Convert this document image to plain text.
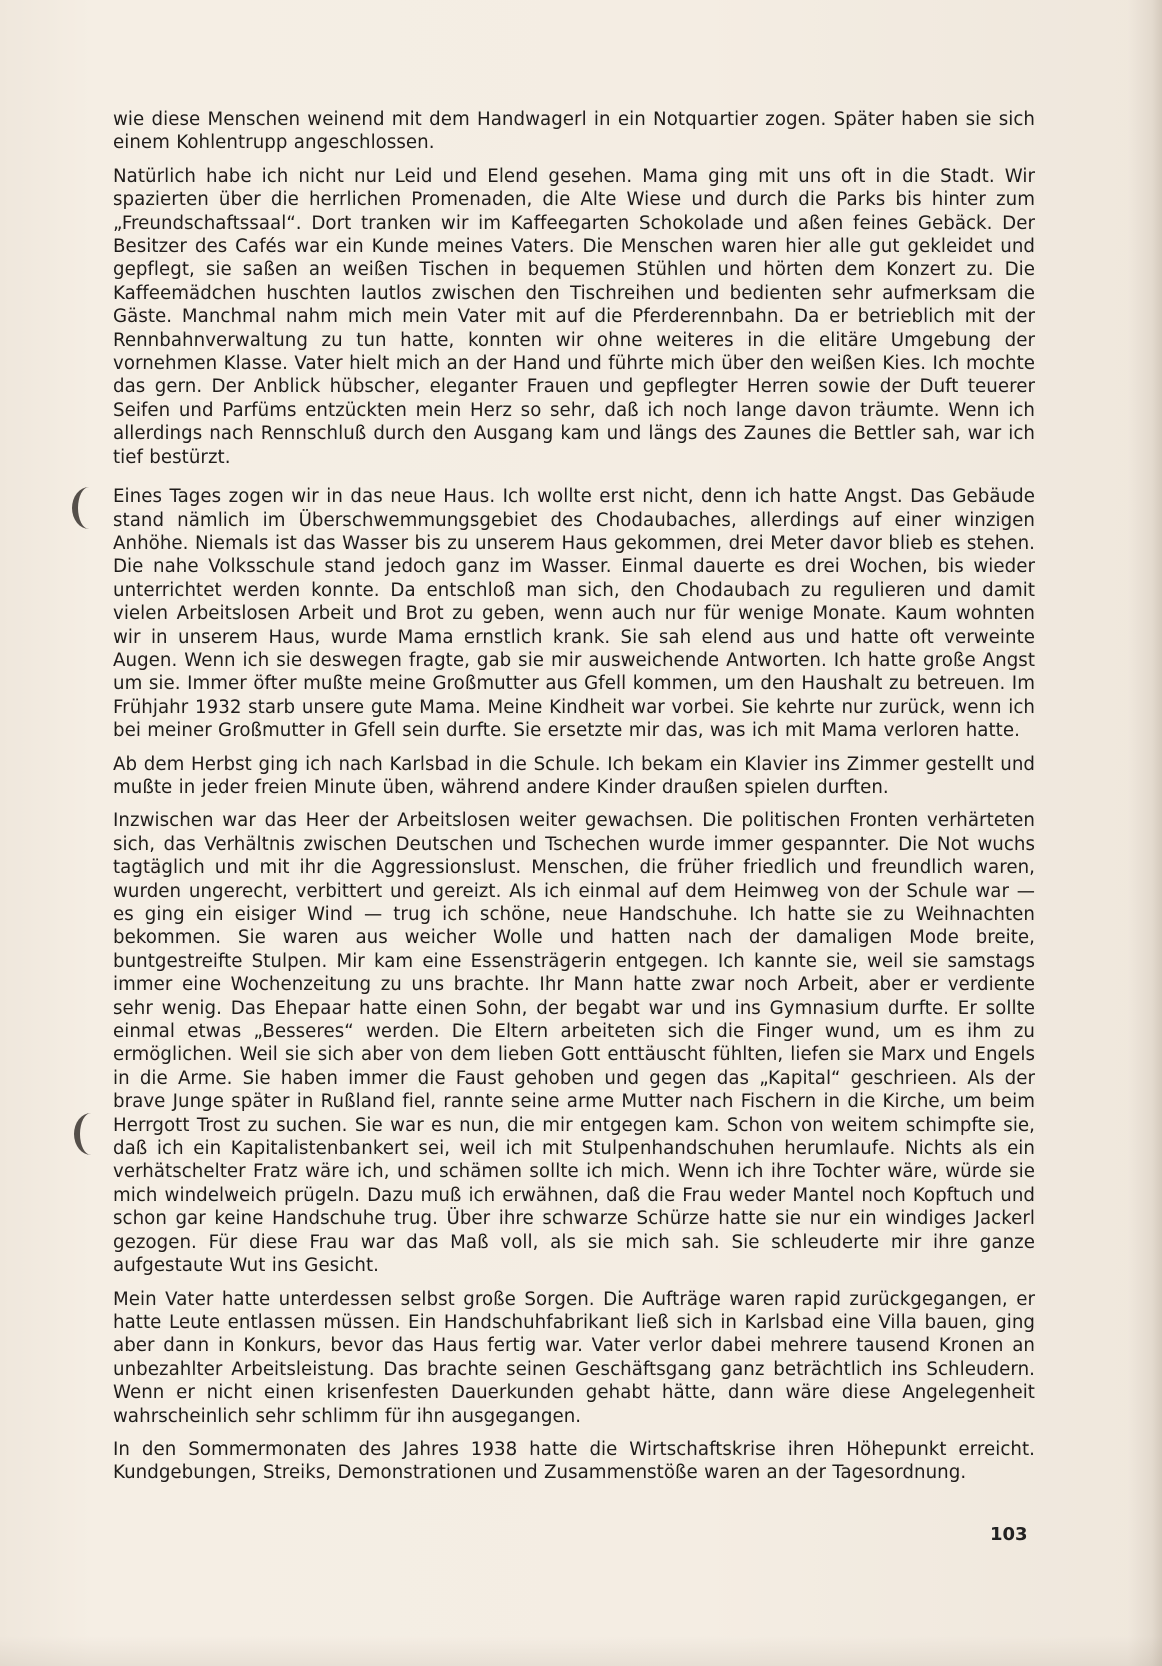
wie diese Menschen weinend mit dem Handwagerl in ein Notquartier zogen. Später haben sie sich einem Kohlentrupp angeschlossen.

Natürlich habe ich nicht nur Leid und Elend gesehen. Mama ging mit uns oft in die Stadt. Wir spazierten über die herrlichen Promenaden, die Alte Wiese und durch die Parks bis hinter zum „Freundschaftssaal“. Dort tranken wir im Kaffeegarten Schokolade und aßen feines Gebäck. Der Besitzer des Cafés war ein Kunde meines Vaters. Die Menschen waren hier alle gut gekleidet und gepflegt, sie saßen an weißen Tischen in bequemen Stühlen und hörten dem Konzert zu. Die Kaffeemädchen huschten lautlos zwischen den Tischreihen und bedienten sehr aufmerksam die Gäste. Manchmal nahm mich mein Vater mit auf die Pferderennbahn. Da er betrieblich mit der Rennbahnverwaltung zu tun hatte, konnten wir ohne weiteres in die elitäre Umgebung der vornehmen Klasse. Vater hielt mich an der Hand und führte mich über den weißen Kies. Ich mochte das gern. Der Anblick hübscher, eleganter Frauen und gepflegter Herren sowie der Duft teuerer Seifen und Parfüms entzückten mein Herz so sehr, daß ich noch lange davon träumte. Wenn ich allerdings nach Rennschluß durch den Ausgang kam und längs des Zaunes die Bettler sah, war ich tief bestürzt.

Eines Tages zogen wir in das neue Haus. Ich wollte erst nicht, denn ich hatte Angst. Das Gebäude stand nämlich im Überschwemmungsgebiet des Chodaubaches, allerdings auf einer winzigen Anhöhe. Niemals ist das Wasser bis zu unserem Haus gekommen, drei Meter davor blieb es stehen. Die nahe Volksschule stand jedoch ganz im Wasser. Einmal dauerte es drei Wochen, bis wieder unterrichtet werden konnte. Da entschloß man sich, den Chodaubach zu regulieren und damit vielen Arbeitslosen Arbeit und Brot zu geben, wenn auch nur für wenige Monate. Kaum wohnten wir in unserem Haus, wurde Mama ernstlich krank. Sie sah elend aus und hatte oft verweinte Augen. Wenn ich sie deswegen fragte, gab sie mir ausweichende Antworten. Ich hatte große Angst um sie. Immer öfter mußte meine Großmutter aus Gfell kommen, um den Haushalt zu betreuen. Im Frühjahr 1932 starb unsere gute Mama. Meine Kindheit war vorbei. Sie kehrte nur zurück, wenn ich bei meiner Großmutter in Gfell sein durfte. Sie ersetzte mir das, was ich mit Mama verloren hatte.

Ab dem Herbst ging ich nach Karlsbad in die Schule. Ich bekam ein Klavier ins Zimmer gestellt und mußte in jeder freien Minute üben, während andere Kinder draußen spielen durften.

Inzwischen war das Heer der Arbeitslosen weiter gewachsen. Die politischen Fronten verhärteten sich, das Verhältnis zwischen Deutschen und Tschechen wurde immer gespannter. Die Not wuchs tagtäglich und mit ihr die Aggressionslust. Menschen, die früher friedlich und freundlich waren, wurden ungerecht, verbittert und gereizt. Als ich einmal auf dem Heimweg von der Schule war — es ging ein eisiger Wind — trug ich schöne, neue Handschuhe. Ich hatte sie zu Weihnachten bekommen. Sie waren aus weicher Wolle und hatten nach der damaligen Mode breite, buntgestreifte Stulpen. Mir kam eine Essensträgerin entgegen. Ich kannte sie, weil sie samstags immer eine Wochenzeitung zu uns brachte. Ihr Mann hatte zwar noch Arbeit, aber er verdiente sehr wenig. Das Ehepaar hatte einen Sohn, der begabt war und ins Gymnasium durfte. Er sollte einmal etwas „Besseres“ werden. Die Eltern arbeiteten sich die Finger wund, um es ihm zu ermöglichen. Weil sie sich aber von dem lieben Gott enttäuscht fühlten, liefen sie Marx und Engels in die Arme. Sie haben immer die Faust gehoben und gegen das „Kapital“ geschrieen. Als der brave Junge später in Rußland fiel, rannte seine arme Mutter nach Fischern in die Kirche, um beim Herrgott Trost zu suchen. Sie war es nun, die mir entgegen kam. Schon von weitem schimpfte sie, daß ich ein Kapitalistenbankert sei, weil ich mit Stulpenhandschuhen herumlaufe. Nichts als ein verhätschelter Fratz wäre ich, und schämen sollte ich mich. Wenn ich ihre Tochter wäre, würde sie mich windelweich prügeln. Dazu muß ich erwähnen, daß die Frau weder Mantel noch Kopftuch und schon gar keine Handschuhe trug. Über ihre schwarze Schürze hatte sie nur ein windiges Jackerl gezogen. Für diese Frau war das Maß voll, als sie mich sah. Sie schleuderte mir ihre ganze aufgestaute Wut ins Gesicht.

Mein Vater hatte unterdessen selbst große Sorgen. Die Aufträge waren rapid zurückgegangen, er hatte Leute entlassen müssen. Ein Handschuhfabrikant ließ sich in Karlsbad eine Villa bauen, ging aber dann in Konkurs, bevor das Haus fertig war. Vater verlor dabei mehrere tausend Kronen an unbezahlter Arbeitsleistung. Das brachte seinen Geschäftsgang ganz beträchtlich ins Schleudern. Wenn er nicht einen krisenfesten Dauerkunden gehabt hätte, dann wäre diese Angelegenheit wahrscheinlich sehr schlimm für ihn ausgegangen.

In den Sommermonaten des Jahres 1938 hatte die Wirtschaftskrise ihren Höhepunkt erreicht. Kundgebungen, Streiks, Demonstrationen und Zusammenstöße waren an der Tagesordnung.

103
